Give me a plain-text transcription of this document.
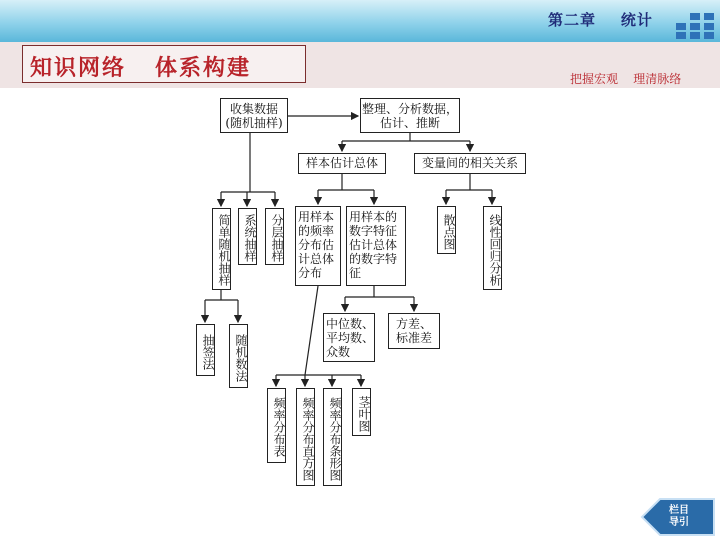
第二章    统计
知识网络   体系构建	把握宏观    理清脉络
收集数据
(随机抽样)
整理、分析数据，
估计、推断
样本估计总体	变量间的相关关系
简单随机抽样	系统抽样	分层抽样 用样本
的频率
分布估
计总体
分布
用样本的
数字特征
估计总体
的数字特
征
散点图	线性回归分析
抽签法	随机数法
中位数、
平均数、
众数
方差、
标准差
频率分布表	频率分布直方图	频率分布条形图	茎叶图
栏目
导引
